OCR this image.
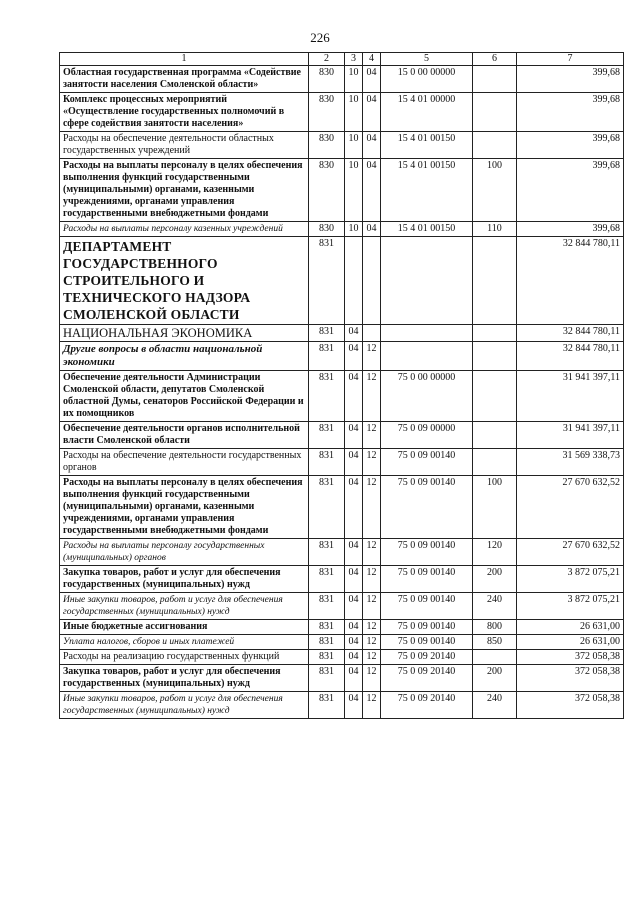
226
1	2	3	4	5	6	7
Областная государственная программа «Содействие занятости населения Смоленской области»	830	10	04	15 0 00 00000		399,68
Комплекс процессных мероприятий «Осуществление государственных полномочий в сфере содействия занятости населения»	830	10	04	15 4 01 00000		399,68
Расходы на обеспечение деятельности областных государственных учреждений	830	10	04	15 4 01 00150		399,68
Расходы на выплаты персоналу в целях обеспечения выполнения функций государственными (муниципальными) органами, казенными учреждениями, органами управления государственными внебюджетными фондами	830	10	04	15 4 01 00150	100	399,68
Расходы на выплаты персоналу казенных учреждений	830	10	04	15 4 01 00150	110	399,68
ДЕПАРТАМЕНТ ГОСУДАРСТВЕННОГО СТРОИТЕЛЬНОГО И ТЕХНИЧЕСКОГО НАДЗОРА СМОЛЕНСКОЙ ОБЛАСТИ	831					32 844 780,11
НАЦИОНАЛЬНАЯ ЭКОНОМИКА	831	04				32 844 780,11
Другие вопросы в области национальной экономики	831	04	12			32 844 780,11
Обеспечение деятельности Администрации Смоленской области, депутатов Смоленской областной Думы, сенаторов Российской Федерации и их помощников	831	04	12	75 0 00 00000		31 941 397,11
Обеспечение деятельности органов исполнительной власти Смоленской области	831	04	12	75 0 09 00000		31 941 397,11
Расходы на обеспечение деятельности государственных органов	831	04	12	75 0 09 00140		31 569 338,73
Расходы на выплаты персоналу в целях обеспечения выполнения функций государственными (муниципальными) органами, казенными учреждениями, органами управления государственными внебюджетными фондами	831	04	12	75 0 09 00140	100	27 670 632,52
Расходы на выплаты персоналу государственных (муниципальных) органов	831	04	12	75 0 09 00140	120	27 670 632,52
Закупка товаров, работ и услуг для обеспечения государственных (муниципальных) нужд	831	04	12	75 0 09 00140	200	3 872 075,21
Иные закупки товаров, работ и услуг для обеспечения государственных (муниципальных) нужд	831	04	12	75 0 09 00140	240	3 872 075,21
Иные бюджетные ассигнования	831	04	12	75 0 09 00140	800	26 631,00
Уплата налогов, сборов и иных платежей	831	04	12	75 0 09 00140	850	26 631,00
Расходы на реализацию государственных функций	831	04	12	75 0 09 20140		372 058,38
Закупка товаров, работ и услуг для обеспечения государственных (муниципальных) нужд	831	04	12	75 0 09 20140	200	372 058,38
Иные закупки товаров, работ и услуг для обеспечения государственных (муниципальных) нужд	831	04	12	75 0 09 20140	240	372 058,38
